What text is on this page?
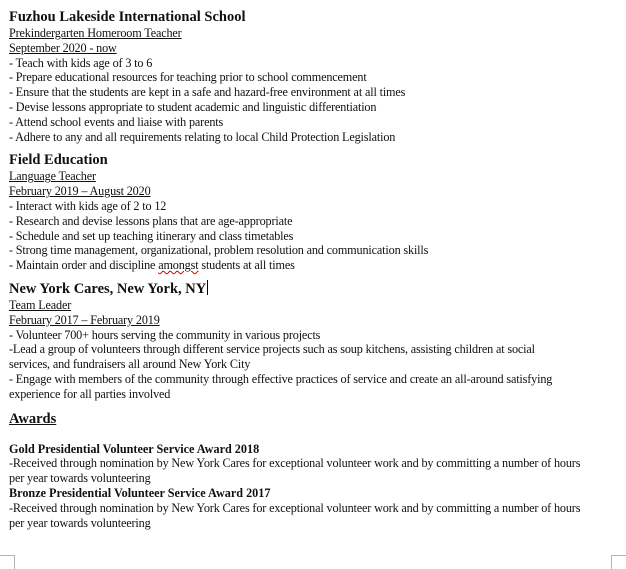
Fuzhou Lakeside International School
Prekindergarten Homeroom Teacher
September 2020 - now
- Teach with kids age of 3 to 6
- Prepare educational resources for teaching prior to school commencement
- Ensure that the students are kept in a safe and hazard-free environment at all times
- Devise lessons appropriate to student academic and linguistic differentiation
- Attend school events and liaise with parents
- Adhere to any and all requirements relating to local Child Protection Legislation
Field Education
Language Teacher
February 2019 – August 2020
- Interact with kids age of 2 to 12
- Research and devise lessons plans that are age-appropriate
- Schedule and set up teaching itinerary and class timetables
- Strong time management, organizational, problem resolution and communication skills
- Maintain order and discipline amongst students at all times
New York Cares, New York, NY
Team Leader
February 2017 – February 2019
- Volunteer 700+ hours serving the community in various projects
-Lead a group of volunteers through different service projects such as soup kitchens, assisting children at social services, and fundraisers all around New York City
- Engage with members of the community through effective practices of service and create an all-around satisfying experience for all parties involved
Awards
Gold Presidential Volunteer Service Award 2018
-Received through nomination by New York Cares for exceptional volunteer work and by committing a number of hours per year towards volunteering
Bronze Presidential Volunteer Service Award 2017
-Received through nomination by New York Cares for exceptional volunteer work and by committing a number of hours per year towards volunteering
